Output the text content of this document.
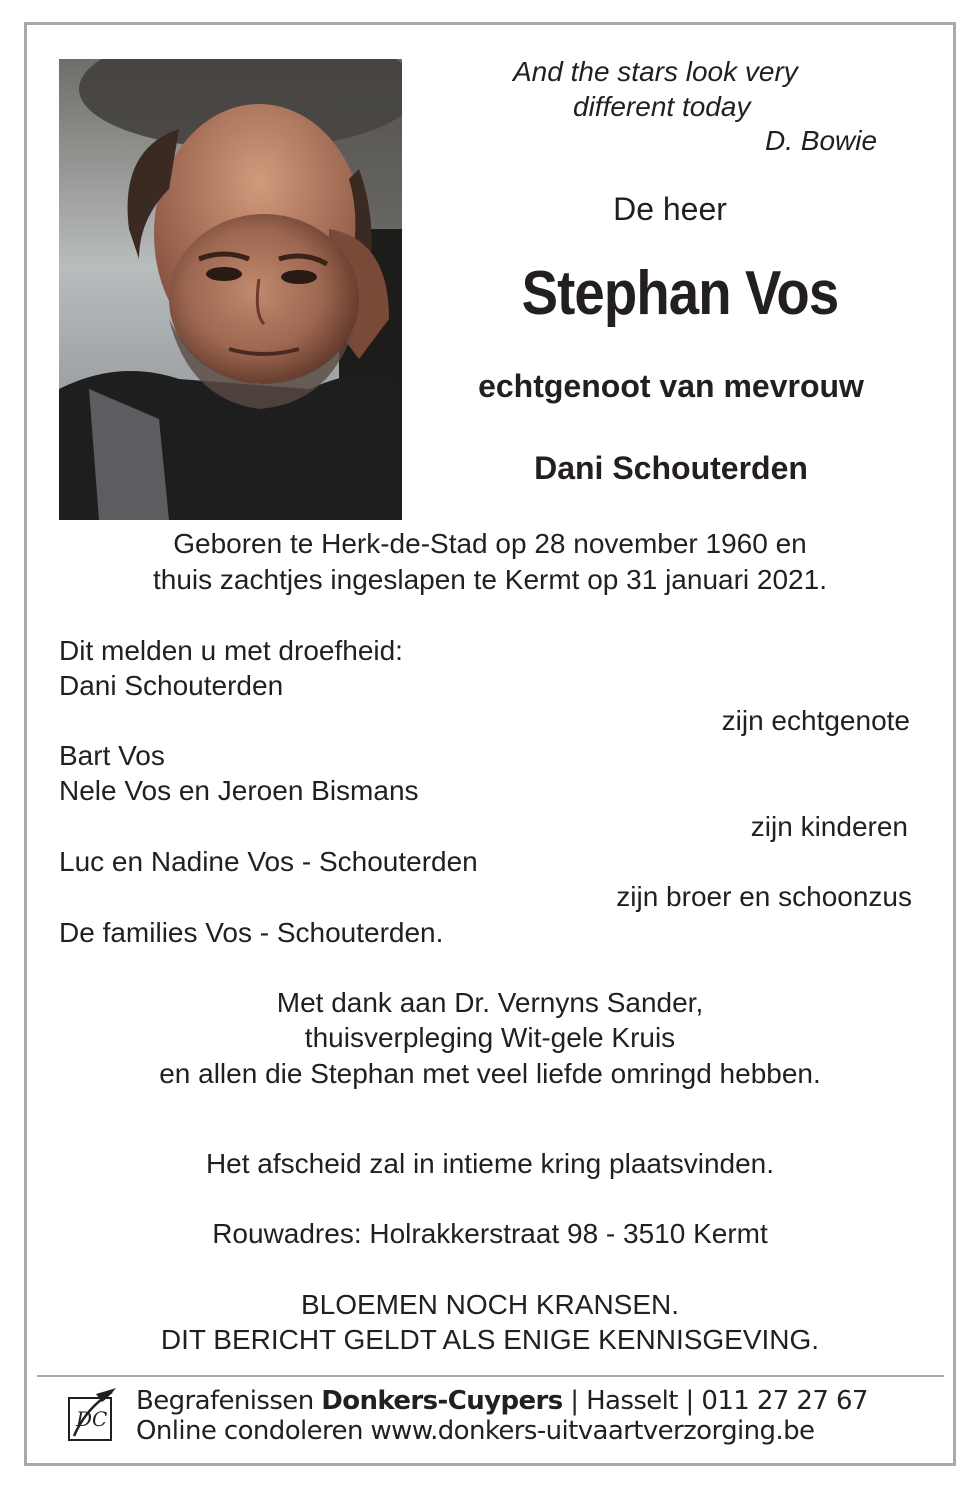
And the stars look very

different today

D. Bowie

De heer

Stephan Vos

echtgenoot van mevrouw

Dani Schouterden

Geboren te Herk-de-Stad op 28 november 1960 en

thuis zachtjes ingeslapen te Kermt op 31 januari 2021.

Dit melden u met droefheid:

Dani Schouterden

zijn echtgenote

Bart Vos

Nele Vos en Jeroen Bismans

zijn kinderen

Luc en Nadine Vos - Schouterden

zijn broer en schoonzus

De families Vos - Schouterden.

Met dank aan Dr. Vernyns Sander,

thuisverpleging Wit-gele Kruis

en allen die Stephan met veel liefde omringd hebben.

Het afscheid zal in intieme kring plaatsvinden.

Rouwadres: Holrakkerstraat 98 - 3510 Kermt

BLOEMEN NOCH KRANSEN.

DIT BERICHT GELDT ALS ENIGE KENNISGEVING.

DC

Begrafenissen Donkers-Cuypers | Hasselt | 011 27 27 67

Online condoleren www.donkers-uitvaartverzorging.be
